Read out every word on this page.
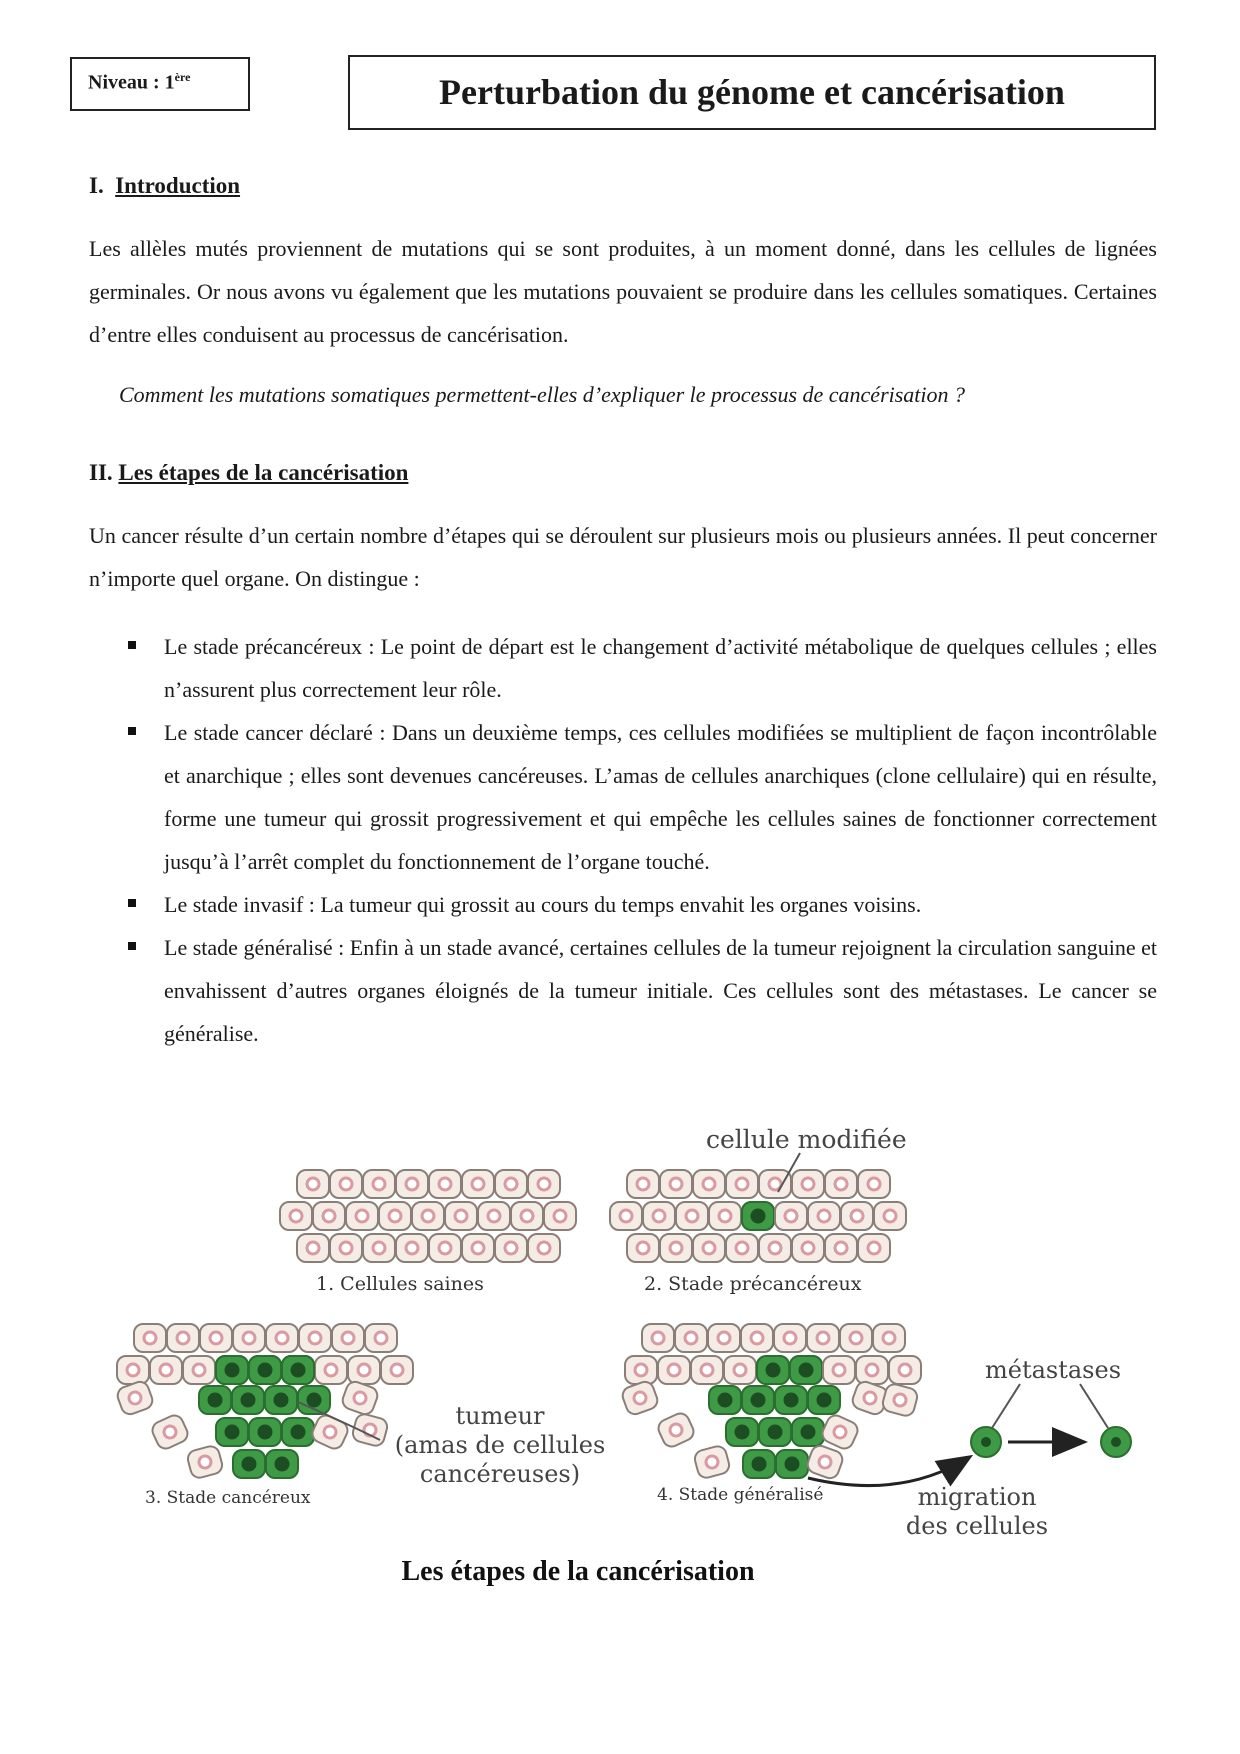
Niveau : 1ère	Perturbation du génome et cancérisation
I. Introduction

Les allèles mutés proviennent de mutations qui se sont produites, à un moment donné, dans les cellules de lignées germinales. Or nous avons vu également que les mutations pouvaient se produire dans les cellules somatiques. Certaines d’entre elles conduisent au processus de cancérisation.

Comment les mutations somatiques permettent-elles d’expliquer le processus de cancérisation ?

II. Les étapes de la cancérisation

Un cancer résulte d’un certain nombre d’étapes qui se déroulent sur plusieurs mois ou plusieurs années. Il peut concerner n’importe quel organe. On distingue :

Le stade précancéreux : Le point de départ est le changement d’activité métabolique de quelques cellules ; elles n’assurent plus correctement leur rôle.
Le stade cancer déclaré : Dans un deuxième temps, ces cellules modifiées se multiplient de façon incontrôlable et anarchique ; elles sont devenues cancéreuses. L’amas de cellules anarchiques (clone cellulaire) qui en résulte, forme une tumeur qui grossit progressivement et qui empêche les cellules saines de fonctionner correctement jusqu’à l’arrêt complet du fonctionnement de l’organe touché.
Le stade invasif : La tumeur qui grossit au cours du temps envahit les organes voisins.
Le stade généralisé : Enfin à un stade avancé, certaines cellules de la tumeur rejoignent la circulation sanguine et envahissent d’autres organes éloignés de la tumeur initiale. Ces cellules sont des métastases. Le cancer se généralise.
cellule modifiée
1. Cellules saines	2. Stade précancéreux
3. Stade cancéreux	4. Stade généralisé
tumeur
(amas de cellules
cancéreuses)
métastases
migration
des cellules
Les étapes de la cancérisation
